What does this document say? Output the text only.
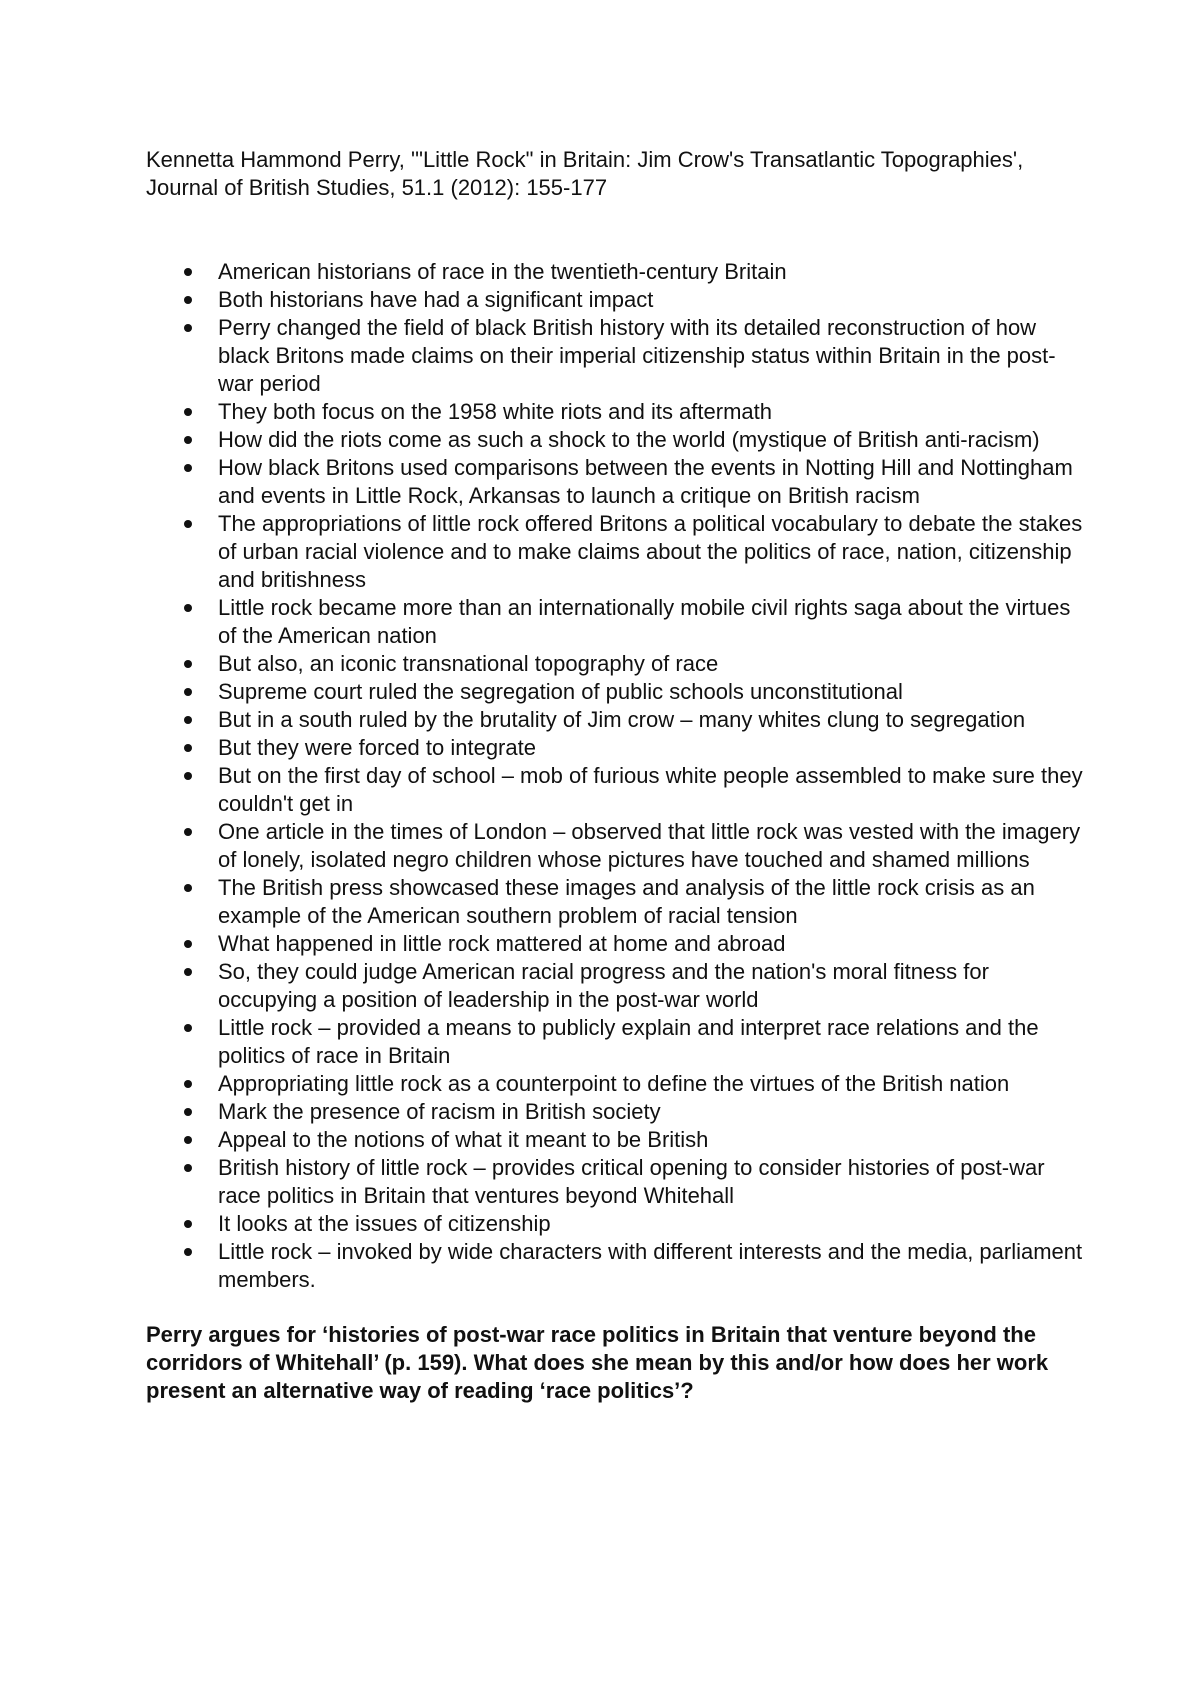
Kennetta Hammond Perry, '"Little Rock" in Britain: Jim Crow's Transatlantic Topographies', Journal of British Studies, 51.1 (2012): 155-177

American historians of race in the twentieth-century Britain
Both historians have had a significant impact
Perry changed the field of black British history with its detailed reconstruction of how black Britons made claims on their imperial citizenship status within Britain in the post-war period
They both focus on the 1958 white riots and its aftermath
How did the riots come as such a shock to the world (mystique of British anti-racism)
How black Britons used comparisons between the events in Notting Hill and Nottingham and events in Little Rock, Arkansas to launch a critique on British racism
The appropriations of little rock offered Britons a political vocabulary to debate the stakes of urban racial violence and to make claims about the politics of race, nation, citizenship and britishness
Little rock became more than an internationally mobile civil rights saga about the virtues of the American nation
But also, an iconic transnational topography of race
Supreme court ruled the segregation of public schools unconstitutional
But in a south ruled by the brutality of Jim crow – many whites clung to segregation
But they were forced to integrate
But on the first day of school – mob of furious white people assembled to make sure they couldn't get in
One article in the times of London – observed that little rock was vested with the imagery of lonely, isolated negro children whose pictures have touched and shamed millions
The British press showcased these images and analysis of the little rock crisis as an example of the American southern problem of racial tension
What happened in little rock mattered at home and abroad
So, they could judge American racial progress and the nation's moral fitness for occupying a position of leadership in the post-war world
Little rock – provided a means to publicly explain and interpret race relations and the politics of race in Britain
Appropriating little rock as a counterpoint to define the virtues of the British nation
Mark the presence of racism in British society
Appeal to the notions of what it meant to be British
British history of little rock – provides critical opening to consider histories of post-war race politics in Britain that ventures beyond Whitehall
It looks at the issues of citizenship
Little rock – invoked by wide characters with different interests and the media, parliament members.

Perry argues for ‘histories of post-war race politics in Britain that venture beyond the corridors of Whitehall’ (p. 159). What does she mean by this and/or how does her work present an alternative way of reading ‘race politics’?
